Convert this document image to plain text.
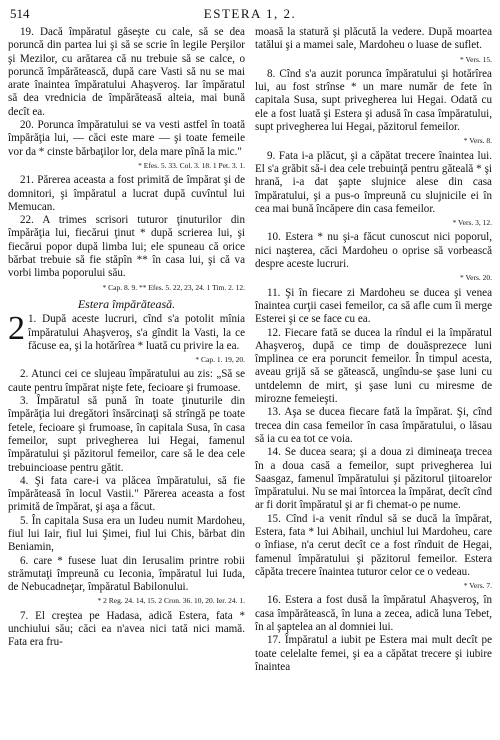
514	ESTERA 1, 2.

19. Dacă împăratul găseşte cu cale, să se dea poruncă din partea lui şi să se scrie în legile Perşilor şi Mezilor, cu arătarea că nu trebuie să se calce, o poruncă împărătească, după care Vasti să nu se mai arate înaintea împăratului Ahaşveroş. Iar împăratul să dea vrednicia de împărăteasă alteia, mai bună decît ea.

20. Porunca împăratului se va vesti astfel în toată împărăţia lui, — căci este mare — şi toate femeile vor da * cinste bărbaţilor lor, dela mare pînă la mic."

* Efes. 5. 33. Col. 3. 18. 1 Pet. 3. 1.

21. Părerea aceasta a fost primită de împărat şi de domnitori, şi împăratul a lucrat după cuvîntul lui Memucan.

22. A trimes scrisori tuturor ţinuturilor din împărăţia lui, fiecărui ţinut * după scrierea lui, şi fiecărui popor după limba lui; ele spuneau că orice bărbat trebuie să fie stăpîn ** în casa lui, şi că va vorbi limba poporului său.

* Cap. 8. 9. ** Efes. 5. 22, 23, 24. 1 Tim. 2. 12.
Estera împărăteasă.

2 1. După aceste lucruri, cînd s'a potolit mînia împăratului Ahaşveroş, s'a gîndit la Vasti, la ce făcuse ea, şi la hotărîrea * luată cu privire la ea.

* Cap. 1. 19, 20.

2. Atunci cei ce slujeau împăratului au zis: „Să se caute pentru împărat nişte fete, fecioare şi frumoase.

3. Împăratul să pună în toate ţinuturile din împărăţia lui dregători însărcinaţi să strîngă pe toate fetele, fecioare şi frumoase, în capitala Susa, în casa femeilor, supt privegherea lui Hegai, famenul împăratului şi păzitorul femeilor, care să le dea cele trebuincioase pentru gătit.

4. Şi fata care-i va plăcea împăratului, să fie împărăteasă în locul Vastii." Părerea aceasta a fost primită de împărat, şi aşa a făcut.

5. În capitala Susa era un Iudeu numit Mardoheu, fiul lui Iair, fiul lui Şimei, fiul lui Chis, bărbat din Beniamin,

6. care * fusese luat din Ierusalim printre robii strămutaţi împreună cu Ieconia, împăratul lui Iuda, de Nebucadneţar, împăratul Babilonului.

* 2 Reg. 24. 14, 15. 2 Cron. 36. 10, 20. Ier. 24. 1.

7. El creştea pe Hadasa, adică Estera, fata * unchiului său; căci ea n'avea nici tată nici mamă. Fata era fru-

moasă la statură şi plăcută la vedere. După moartea tatălui şi a mamei sale, Mardoheu o luase de suflet.

* Vers. 15.

8. Cînd s'a auzit porunca împăratului şi hotărîrea lui, au fost strînse * un mare număr de fete în capitala Susa, supt privegherea lui Hegai. Odată cu ele a fost luată şi Estera şi adusă în casa împăratului, supt privegherea lui Hegai, păzitorul femeilor.

* Vers. 8.

9. Fata i-a plăcut, şi a căpătat trecere înaintea lui. El s'a grăbit să-i dea cele trebuinţă pentru găteală * şi hrană, i-a dat şapte slujnice alese din casa împăratului, şi a pus-o împreună cu slujnicile ei în cea mai bună încăpere din casa femeilor.

* Vers. 3, 12.

10. Estera * nu şi-a făcut cunoscut nici poporul, nici naşterea, căci Mardoheu o oprise să vorbească despre aceste lucruri.

* Vers. 20.

11. Şi în fiecare zi Mardoheu se ducea şi venea înaintea curţii casei femeilor, ca să afle cum îi merge Esterei şi ce se face cu ea.

12. Fiecare fată se ducea la rîndul ei la împăratul Ahaşveroş, după ce timp de douăsprezece luni împlinea ce era poruncit femeilor. În timpul acesta, aveau grijă să se gătească, ungîndu-se şase luni cu untdelemn de mirt, şi şase luni cu miresme de mirozne femeieşti.

13. Aşa se ducea fiecare fată la împărat. Şi, cînd trecea din casa femeilor în casa împăratului, o lăsau să ia cu ea tot ce voia.

14. Se ducea seara; şi a doua zi dimineaţa trecea în a doua casă a femeilor, supt privegherea lui Saasgaz, famenul împăratului şi păzitorul ţiitoarelor împăratului. Nu se mai întorcea la împărat, decît cînd ar fi dorit împăratul şi ar fi chemat-o pe nume.

15. Cînd i-a venit rîndul să se ducă la împărat, Estera, fata * lui Abihail, unchiul lui Mardoheu, care o înfiase, n'a cerut decît ce a fost rînduit de Hegai, famenul împăratului şi păzitorul femeilor. Estera căpăta trecere înaintea tuturor celor ce o vedeau.

* Vers. 7.

16. Estera a fost dusă la împăratul Ahaşveroş, în casa împărătească, în luna a zecea, adică luna Tebet, în al şaptelea an al domniei lui.

17. Împăratul a iubit pe Estera mai mult decît pe toate celelalte femei, şi ea a căpătat trecere şi iubire înaintea
